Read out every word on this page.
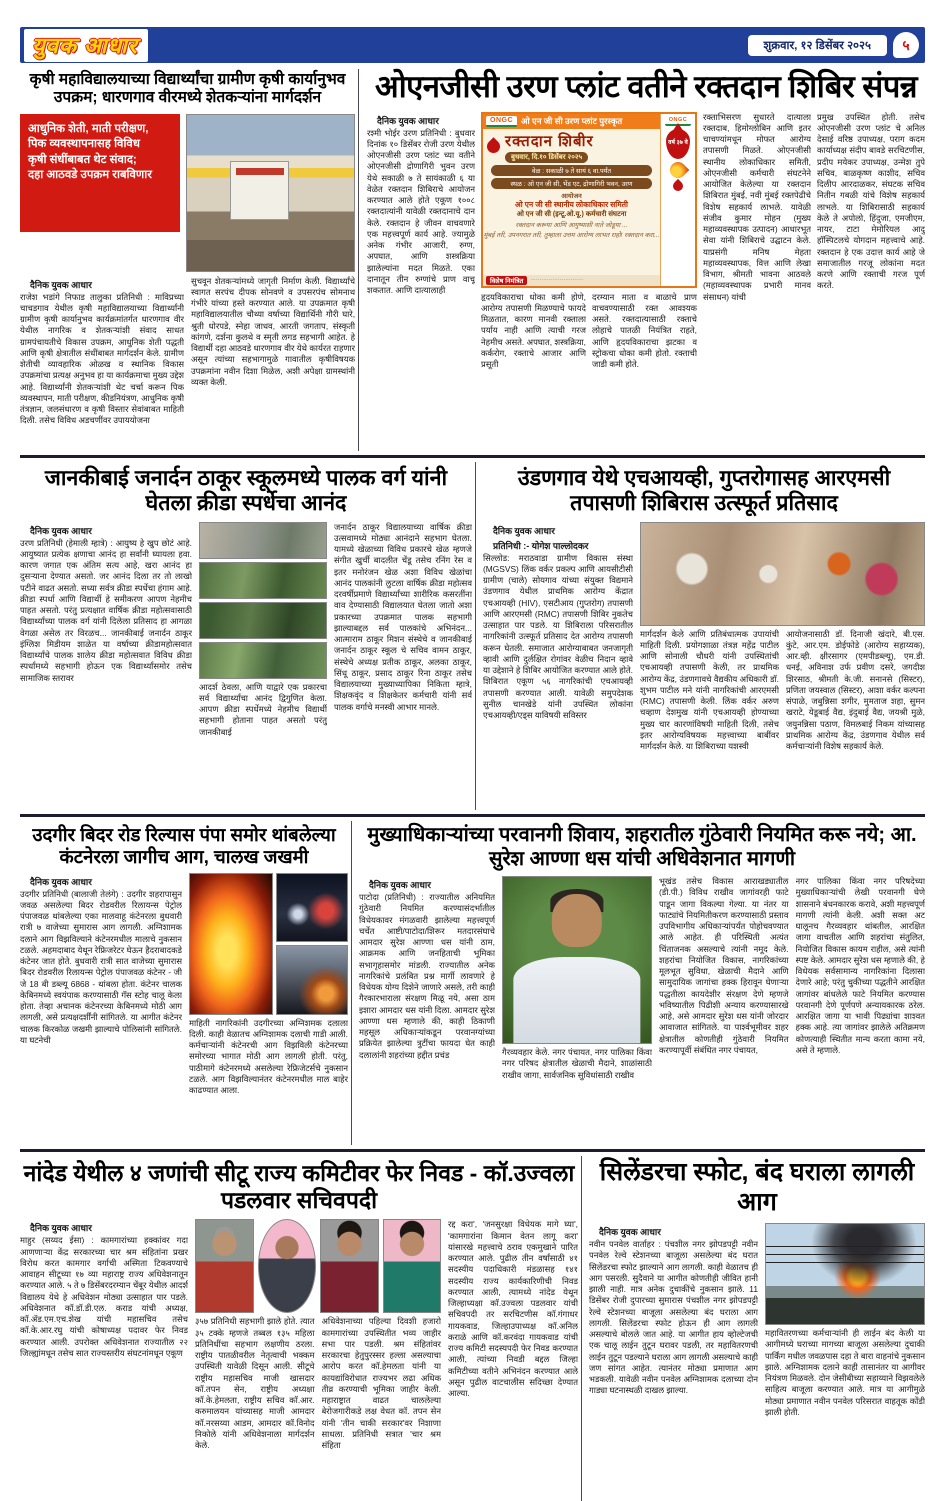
युवक आधार	शुक्रवार, १२ डिसेंबर २०२५	५
कृषी महाविद्यालयाच्या विद्यार्थ्यांचा ग्रामीण कृषी कार्यानुभव उपक्रम; धारणगाव वीरमध्ये शेतकऱ्यांना मार्गदर्शन
आधुनिक शेती, माती परीक्षण,
पिक व्यवस्थापनासह विविध
कृषी संधींबाबत थेट संवाद;
दहा आठवडे उपक्रम राबविणार
दैनिक युवक आधार
राजेश भडांगे निफाड तालुका प्रतिनिधी : माविप्रच्या चाचडगाव येथील कृषी महाविद्यालयाच्या विद्यार्थ्यांनी ग्रामीण कृषी कार्यानुभव कार्यक्रमांतर्गत धारणगाव वीर येथील नागरिक व शेतकऱ्यांशी संवाद साधत ग्रामपंचायतीचे विकास उपक्रम, आधुनिक शेती पद्धती आणि कृषी क्षेत्रातील संधींबाबत मार्गदर्शन केले. ग्रामीण शेतीची व्यावहारिक ओळख व स्थानिक विकास उपक्रमांचा प्रत्यक्ष अनुभव हा या कार्यक्रमाचा मुख्य उद्देश आहे. विद्यार्थ्यांनी शेतकऱ्यांशी थेट चर्चा करून पिक व्यवस्थापन, माती परीक्षण, कीडनियंत्रण, आधुनिक कृषी तंत्रज्ञान, जलसंधारण व कृषी विस्तार सेवांबाबत माहिती दिली. तसेच विविध अडचणींवर उपाययोजना
सुचवून शेतकऱ्यांमध्ये जागृती निर्माण केली. विद्यार्थ्यांचे स्वागत सरपंच दीपक सोनवणे व उपसरपंच सोमनाथ गंभीरे यांच्या हस्ते करण्यात आले. या उपक्रमात कृषी महाविद्यालयातील चौथ्या वर्षाच्या विद्यार्थिनी गौरी घारे, श्रुती धोरपडे, स्नेहा जाधव, आरती जगताप, संस्कृती कांगणे, दर्शना कुलथे व स्मृती लगड सहभागी आहेत. हे विद्यार्थी दहा आठवडे धारणगाव वीर येथे कार्यरत राहणार असून त्यांच्या सहभागामुळे गावातील कृषीविषयक उपक्रमांना नवीन दिशा मिळेल, अशी अपेक्षा ग्रामस्थांनी व्यक्त केली.
ओएनजीसी उरण प्लांट वतीने रक्तदान शिबिर संपन्न
दैनिक युवक आधार
रश्मी भोईर उरण प्रतिनिधी : बुधवार दिनांक १० डिसेंबर रोजी उरण येथील ओएनजीसी उरण प्लांट च्या वतीने ओएनजीसी द्रोणागिरी भुवन उरण येथे सकाळी ७ ते सायंकाळी ६ या वेळेत रक्तदान शिबिराचे आयोजन करण्यात आले होते एकूण १००८ रक्तदात्यांनी यावेळी रक्तदानाचे दान केले. रक्तदान हे जीवन वाचवणारे एक महत्त्वपूर्ण कार्य आहे. ज्यामुळे अनेक गंभीर आजारी, रुग्ण, अपघात, आणि शस्त्रक्रिया झालेल्यांना मदत मिळते. एका दानातून तीन रुग्णांचे प्राण वाचू शकतात. आणि दात्यालाही
ONGC ओ एन जी सी उरण प्लांट पुरस्कृत
रक्तदान शिबीर
बुधवार, दि.१० डिसेंबर २०२५
वेळ : सकाळी ७ ते सायं ६ वा.पर्यंत
स्थळ : ओ एन जी सी, भेंड एट, द्रोणागिरी भवन, उरण
आयोजन
ओ एन जी सी स्थानीय लोकाधिकार समिती
ओ एन जी सी (इन्टू.ओ.यू.) कर्मचारी संघटना
रक्तदान करूया आणि आयुष्याशी नाते जोडूया ...
मुंबई तरी, उपनगरात तरी, तुम्हाला उत्तम आरोग्य लाभत राहो! रक्तदान करा...
विशेष निमंत्रित	·····························
ONGC
वर्ष ३७ वे
हृदयविकाराचा धोका कमी होणे, आरोग्य तपासणी मिळण्याचे फायदे मिळतात, कारण मानवी रक्ताला पर्याय नाही आणि त्याची गरज नेहमीच असते. अपघात, शस्त्रक्रिया, कर्करोग, रक्ताचे आजार आणि प्रसूती
दरम्यान माता व बाळाचे प्राण वाचवण्यासाठी रक्त आवश्यक असते. रक्तदात्यासाठी रक्ताचे लोहाचे पातळी नियंत्रित राहते, आणि हृदयविकाराचा झटका व स्ट्रोकचा धोका कमी होतो. रक्ताची जाडी कमी होते.
रक्ताभिसरण सुधारते दात्याला रक्तदाब, हिमोग्लोबिन आणि इतर चाचण्यांमधून मोफत आरोग्य तपासणी मिळते. ओएनजीसी स्थानीय लोकाधिकार समिती, ओएनजीसी कर्मचारी संघटनेने आयोजित केलेल्या या रक्तदान शिबिरात मुंबई, नवी मुंबई रक्तपेढीचे विशेष सहकार्य लाभले. यावेळी संजीव कुमार मोहन (मुख्य महाव्यवस्थापक उत्पादन) आधारभूत सेवा यांनी शिबिराचे उद्घाटन केले. याप्रसंगी मनिष मेहता महाव्यवस्थापक, वित्त आणि लेखा विभाग, श्रीमती भावना आठवले (महाव्यवस्थापक प्रभारी मानव संसाधन) यांची
प्रमुख उपस्थित होती. तसेच ओएनजीसी उरण प्लांट चे अनिल देसाई वरिष्ठ उपाध्यक्ष, पराग कदम कार्याध्यक्ष संदीप बावडे सरचिटणीस, प्रदीप मयेकर उपाध्यक्ष, उन्मेश तुपे सचिव, बाळकृष्ण काशीद, सचिव दिलीप आरदाळकर, संघटक सचिव नितीन गबळी यांचे विशेष सहकार्य लाभले. या शिबिरासाठी सहकार्य केले ते अपोलो, हिंदुजा, एमजीएम, नायर, टाटा मेमोरियल आदु हॉस्पिटलचे योगदान महत्त्वाचे आहे. रक्तदान हे एक उदात्त कार्य आहे जे समाजातील गरजू लोकांना मदत करणे आणि रक्ताची गरज पूर्ण करते.
जानकीबाई जनार्दन ठाकूर स्कूलमध्ये पालक वर्ग यांनी घेतला क्रीडा स्पर्धेचा आनंद
दैनिक युवक आधार
उरण प्रतिनिधी (हेमाली म्हात्रे) : आयुष्य हे खुप छोटं आहे. आयुष्यात प्रत्येक क्षणाचा आनंद हा सर्वांनी घ्यायला हवा. कारण जगात एक अंतिम सत्य आहे, खरा आनंद हा दुसऱ्याना देण्यात असतो. जर आनंद दिला तर तो लाखो पटीने वाढत असतो. सध्या सर्वत्र क्रीडा स्पर्धेचा हंगाम आहे. क्रीडा स्पर्धा आणि विद्यार्थी हे समीकरण आपण नेहमीच पाहत असतो. परंतु प्रत्यक्षात वार्षिक क्रीडा महोत्सवासाठी विद्यार्थ्यांच्या पालक वर्ग यांनी दिलेला प्रतिसाद हा आगळा वेगळा असेल तर विरळच... जानकीबाई जनार्दन ठाकूर इंग्लिश मिडीयम शाळेत या वर्षाच्या क्रीडामहोत्सवात विद्यार्थ्यांचे पालक शालेय क्रीडा महोत्सवात विविध क्रीडा स्पर्धांमध्ये सहभागी होऊन एक विद्यार्थ्यांसमोर तसेच सामाजिक स्तरावर
आदर्श ठेवला, आणि याद्वारे एक प्रकारचा सर्व विद्यार्थ्यांचा आनंद द्विगुणित केला. आपण क्रीडा स्पर्धेमध्ये नेहमीच विद्यार्थी सहभागी होताना पाहत असतो परंतु जानकीबाई
जनार्दन ठाकूर विद्यालयाच्या वार्षिक क्रीडा उत्सवामध्ये मोठ्या आनंदाने सहभाग घेतला. यामध्ये खेळाच्या विविध प्रकारचे खेळ म्हणजे संगीत खुर्ची बादलीत चेंडू तसेच रनिंग रेस व इतर मनोरंजन खेळ अशा विविध खेळांचा आनंद पालकांनी लुटला वार्षिक क्रीडा महोत्सव दरवर्षीप्रमाणे विद्यार्थ्यांच्या शारीरिक कसरतींना वाव देण्यासाठी विद्यालयात घेतला जातो अशा प्रकारच्या उपक्रमात पालक सहभागी झाल्याबद्दल सर्व पालकांचे अभिनंदन... आत्माराम ठाकूर मिशन संस्थेचे व जानकीबाई जनार्दन ठाकूर स्कूल चे सचिव वामन ठाकूर, संस्थेचे अध्यक्ष प्रतीक ठाकूर, अलका ठाकूर, सिंधू ठाकूर, प्रसाद ठाकूर रिना ठाकूर तसेच विद्यालयाच्या मुख्याध्यापिका निकिता म्हात्रे, शिक्षकवृंद व शिक्षकेतर कर्मचारी यांनी सर्व पालक वर्गाचे मनस्वी आभार मानले.
उंडणगाव येथे एचआयव्ही, गुप्तरोगासह आरएमसी तपासणी शिबिरास उत्स्फूर्त प्रतिसाद
दैनिक युवक आधार
प्रतिनिधी :- योगेश पाल्लोदकर
सिल्लोड: मराठवाडा ग्रामीण विकास संस्था (MGSVS) लिंक वर्कर प्रकल्प आणि आयसीटीसी ग्रामीण (चाले) सोयगाव यांच्या संयुक्त विद्यमाने उंडणगाव येथील प्राथमिक आरोग्य केंद्रात एचआयव्ही (HIV), एसटीआय (गुप्तरोग) तपासणी आणि आरएमसी (RMC) तपासणी शिबिर नुकतेच उत्साहात पार पडले. या शिबिराला परिसरातील नागरिकांनी उत्स्फूर्त प्रतिसाद देत आरोग्य तपासणी करून घेतली. समाजात आरोग्याबाबत जनजागृती व्हावी आणि दुर्लक्षित रोगांवर वेळीच निदान व्हावे या उद्देशाने हे शिबिर आयोजित करण्यात आले होते. शिबिरात एकूण ५६ नागरिकांची एचआयव्ही तपासणी करण्यात आली. यावेळी समुपदेशक सुनील चानखेडे यांनी उपस्थित लोकांना एचआयव्ही/एड्स याविषयी सविस्तर
मार्गदर्शन केले आणि प्रतिबंधात्मक उपायांची माहिती दिली. प्रयोगशाळा तंत्रज्ञ महेंद्र पाटील आणि सोनाली चौधरी यांनी उपस्थितांची एचआयव्ही तपासणी केली, तर प्राथमिक आरोग्य केंद्र, उंडणगावचे वैद्यकीय अधिकारी डॉ. शुभम पाटील मने यांनी नागरिकांची आरएमसी (RMC) तपासणी केली. लिंक वर्कर अरुण चव्हाण देशमुख यांनी एचआयव्ही होण्याच्या मुख्य चार कारणांविषयी माहिती दिली, तसेच इतर आरोग्यविषयक महत्त्वाच्या बाबींवर मार्गदर्शन केले. या शिबिराच्या यशस्वी
आयोजनासाठी डॉ. दिनाजी खंदारे, बी.एस. कुंटे, आर.एम. डोईफोडे (आरोग्य सहाय्यक), आर.व्ही. क्षीरसागर (एमपीडब्ल्यू), एम.डी. धनई, अविनाश उर्फ प्रवीण दसरे, जगदीश शिरसाठ, श्रीमती के.जी. सनानसे (सिस्टर), प्रणिता जयस्वाल (सिस्टर), आशा वर्कर कल्पना संपाळे, जबुन्निसा शगीर, मुमताज शहा, सुमन खराटे, येडूबाई वैद्य, इंदुबाई वैद्य, जयश्री मुळे, जयुनन्निसा पठाण, विमलबाई निकम यांच्यासह प्राथमिक आरोग्य केंद्र, उंडणगाव येथील सर्व कर्मचाऱ्यांनी विशेष सहकार्य केले.
उदगीर बिदर रोड रिल्यास पंपा समोर थांबलेल्या कंटनेरला जागीच आग, चालख जखमी
दैनिक युवक आधार
उदगीर प्रतिनिधी (बालाजी तेलंगे) : उदगीर शहरापासुन जवळ असलेल्या बिदर रोडवरील रिलायन्स पेट्रोल पंपाजवळ थांबलेल्या एका मालवाहू कंटेनरला बुधवारी रात्री ७ वाजेच्या सुमारास आग लागली. अग्निशामक दलाने आग विझविल्याने कंटेनरमधील मालाचे नुकसान टळले. अहमदाबाद येथून रेफ्रिजरेटर घेऊन हैदराबादकडे कंटेनर जात होते. बुधवारी रात्री सात वाजेच्या सुमारास बिदर रोडवरील रिलायन्स पेट्रोल पंपाजवळ कंटेनर - जी जे 18 बी डब्ल्यू 6868 - थांबला होता. कंटेनर चालक केबिनमध्ये स्वयंपाक करण्यासाठी गॅस स्टोह चालू केला होता. तेव्हा अचानक कंटेनरच्या केबिनमध्ये मोठी आग लागली, असे प्रत्यक्षदर्शींनी सांगितले. या आगीत कंटेनर चालक किरकोळ जखमी झाल्याचे पोलिसांनी सांगितले. या घटनेची
माहिती नागरिकांनी उदगीरच्या अग्निशमक दलाला दिली. काही वेळातच अग्निशामक दलाची गाडी आली. कर्मचाऱ्यांनी कंटेनरची आग विझविली कंटेनरच्या समोरच्या भागात मोठी आग लागली होती. परंतु, पाठीमागे कंटेनरमध्ये असलेल्या रेफ्रिजेटर्सचे नुकसान टळले. आग विझविल्यानंतर कंटेनरमधील माल बाहेर काढण्यात आला.
मुख्याधिकाऱ्यांच्या परवानगी शिवाय, शहरातील गुंठेवारी नियमित करू नये; आ. सुरेश आण्णा धस यांची अधिवेशनात मागणी
दैनिक युवक आधार
पाटोदा (प्रतिनिधी) : राज्यातील अनियमित गुंठेवारी नियमित करण्यासंदर्भातील विधेयकावर मंगळवारी झालेल्या महत्त्वपूर्ण चर्चेत आष्टी/पाटोदा/शिरूर मतदारसंघाचे आमदार सुरेश आण्णा धस यांनी ठाम, आक्रमक आणि जनहिताची भूमिका सभागृहासमोर मांडली. राज्यातील अनेक नागरिकांचे प्रलंबित प्रश्न मार्गी लावणारे हे विधेयक योग्य दिशेने जाणारे असले, तरी काही गैरकारभाराला संरक्षण मिळू नये, असा ठाम इशारा आमदार धस यांनी दिला. आमदार सुरेश आण्णा धस म्हणाले की, काही ठिकाणी महसूल अधिकाऱ्यांकडून परवानग्यांच्या प्रक्रियेत झालेल्या त्रुटींचा फायदा घेत काही दलालांनी शहरांच्या हद्दीत प्रचंड	गैरव्यवहार केले. नगर पंचायत, नगर पालिका किंवा नगर परिषद क्षेत्रातील खेळाची मैदाने, शाळांसाठी राखीव जागा, सार्वजनिक सुविधांसाठी राखीव
भूखंड तसेच विकास आराखड्यातील (डी.पी.) विविध राखीव जागांवरही फाटे पाडून जागा विकल्या गेल्या. या नंतर या फाट्यांचे नियमितीकरण करण्यासाठी प्रस्ताव उपविभागीय अधिकाऱ्यांपर्यंत पोहोचवण्यात आले आहेत. ही परिस्थिती अत्यंत चिंताजनक असल्याचे त्यांनी नमूद केले. शहरांचा नियोजित विकास, नागरिकांच्या मूलभूत सुविधा, खेळाची मैदाने आणि सामुदायिक जागांचा हक्क हिरावून घेणाऱ्या पद्धतीला कायदेशीर संरक्षण देणे म्हणजे भविष्यातील पिढीशी अन्याय करण्यासारखे आहे, असे आमदार सुरेश धस यांनी जोरदार आवाजात सांगितले. या पार्श्वभूमीवर शहर क्षेत्रातील कोणतीही गुंठेवारी नियमित करण्यापूर्वी संबंधित नगर पंचायत,
नगर पालिका किंवा नगर परिषदेच्या मुख्याधिकाऱ्यांची लेखी परवानगी घेणे शासनाने बंधनकारक करावे, अशी महत्त्वपूर्ण मागणी त्यांनी केली. अशी सक्त अट घालूनच गैरव्यवहार थांबतील, आरक्षित जागा वाचतील आणि शहरांचा संतुलित, नियोजित विकास कायम राहील, असे त्यांनी स्पष्ट केले. आमदार सुरेश धस म्हणाले की, हे विधेयक सर्वसामान्य नागरिकांना दिलासा देणारे आहे; परंतु चुकीच्या पद्धतीने आरक्षित जागांवर बांधलेले फाटे नियमित करण्यास परवानगी देणे पूर्णपणे अन्यायकारक ठरेल. आरक्षित जागा या भावी पिढ्यांचा शाश्वत हक्क आहे. त्या जागांवर झालेले अतिक्रमण कोणत्याही स्थितीत मान्य करता कामा नये, असे ते म्हणाले.
नांदेड येथील ४ जणांची सीटू राज्य कमिटीवर फेर निवड - कॉ.उज्वला पडलवार सचिवपदी
दैनिक युवक आधार
माहुर (सय्यद ईसा) : कामगारांच्या हक्कांवर गदा आणणाऱ्या केंद्र सरकारच्या चार श्रम संहितांना प्रखर विरोध करत कामगार वर्गाची अस्मिता टिकवण्याचे आवाहन सीटूच्या १७ व्या महाराष्ट्र राज्य अधिवेशनातून करण्यात आले. ५ ते ७ डिसेंबरदरम्यान चेंबूर येथील आदर्श विद्यालय येथे हे अधिवेशन मोठ्या उत्साहात पार पडले. अधिवेशनात कॉ.डॉ.डी.एल. कराड यांची अध्यक्ष, कॉ.ॲड.एम.एच.शेख यांची महासचिव तसेच कॉ.के.आर.रघु यांची कोषाध्यक्ष पदावर फेर निवड करण्यात आली. उपरोक्त अधिवेशनात राज्यातील २२ जिल्ह्यांमधून तसेच सात राज्यस्तरीय संघटनांमधून एकूण
३५७ प्रतिनिधी सहभागी झाले होते. त्यात ३५ टक्के म्हणजे तब्बल १३५ महिला प्रतिनिधींचा सहभाग लक्षणीय ठरला. राष्ट्रीय पातळीवरील नेतृत्वाची भक्कम उपस्थिती यावेळी दिसून आली. सीटूचे राष्ट्रीय महासचिव माजी खासदार कॉ.तपन सेन, राष्ट्रीय अध्यक्षा कॉ.के.हेमलता, राष्ट्रीय सचिव कॉ.आर. करुमालयन यांच्यासह माजी आमदार कॉ.नरसय्या आडम, आमदार कॉ.विनोद निकोले यांनी अधिवेशनाला मार्गदर्शन केले.
अधिवेशनाच्या पहिल्या दिवशी हजारो कामगारांच्या उपस्थितीत भव्य जाहीर सभा पार पडली. श्रम संहितांवर सरकारचा हेतुपुरस्सर हल्ला असल्याचा आरोप करत कॉ.हेमलता यांनी या कायद्यांविरोधात राज्यभर लढा अधिक तीव्र करण्याची भूमिका जाहीर केली. महाराष्ट्रात वाढत चाललेल्या बेरोजगारीकडे लक्ष वेधत कॉ. तपन सेन यांनी 'तीन चाकी सरकार'वर निशाणा साधला. प्रतिनिधी सत्रात 'चार श्रम संहिता
रद्द करा', 'जनसुरक्षा विधेयक मागे घ्या', 'कामगारांना किमान वेतन लागू करा' यांसारखे महत्त्वाचे ठराव एकमुखाने पारित करण्यात आले. पुढील तीन वर्षांसाठी ४१ सदस्यीय पदाधिकारी मंडळासह १४१ सदस्यीय राज्य कार्यकारिणीची निवड करण्यात आली, त्यामध्ये नांदेड येथून जिल्हाध्यक्षा कॉ.उज्वला पडलवार यांची सचिवपदी तर सरचिटणीस कॉ.गंगाधर गायकवाड, जिल्हाउपाध्यक्ष कॉ.अनिल कराळे आणि कॉ.करवंदा गायकवाड यांची राज्य कमिटी सदस्यपदी फेर निवड करण्यात आली, त्यांच्या निवडी बद्दल जिल्हा कमिटीच्या वतीने अभिनंदन करण्यात आले असून पुढील वाटचालीस सदिच्छा देण्यात आल्या.
सिलेंडरचा स्फोट, बंद घराला लागली आग
दैनिक युवक आधार
नवीन पनवेल वार्ताहर : पंचशील नगर झोपडपट्टी नवीन पनवेल रेल्वे स्टेशनच्या बाजूला असलेल्या बंद घरात सिलेंडरचा स्फोट झाल्याने आग लागली. काही वेळातच ही आग पसरली. सुदैवाने या आगीत कोणतीही जीवित हानी झाली नाही. मात्र अनेक दुचाकींचे नुकसान झाले. 11 डिसेंबर रोजी दुपारच्या सुमारास पंचशील नगर झोपडपट्टी रेल्वे स्टेशनच्या बाजूला असलेल्या बंद घराला आग लागली. सिलेंडरचा स्फोट होऊन ही आग लागली असल्याचे बोलले जात आहे. या आगीत हाय व्होल्टेजची एक चालू लाईन तुटून घरावर पडली, तर महावितरणची लाईन तुटून पडल्याने घराला आग लागली असल्याचे काही जण सांगत आहेत. त्यानंतर मोठ्या प्रमाणात आग भडकली. यावेळी नवीन पनवेल अग्निशामक दलाच्या दोन गाड्या घटनास्थळी दाखल झाल्या.
महावितरणच्या कर्मचाऱ्यांनी ही लाईन बंद केली या आगीमध्ये घराच्या मागच्या बाजूला असलेल्या दुचाकी पार्किंग मधील जवळपास दहा ते बारा वाहनांचे नुकसान झाले. अग्निशामक दलाने काही तासानंतर या आगीवर नियंत्रण मिळवले. दोन जेसीबीच्या सहाय्याने विझवलेले साहित्य बाजूला करण्यात आले. मात्र या आगीमुळे मोठ्या प्रमाणात नवीन पनवेल परिसरात वाहतूक कोंडी झाली होती.
